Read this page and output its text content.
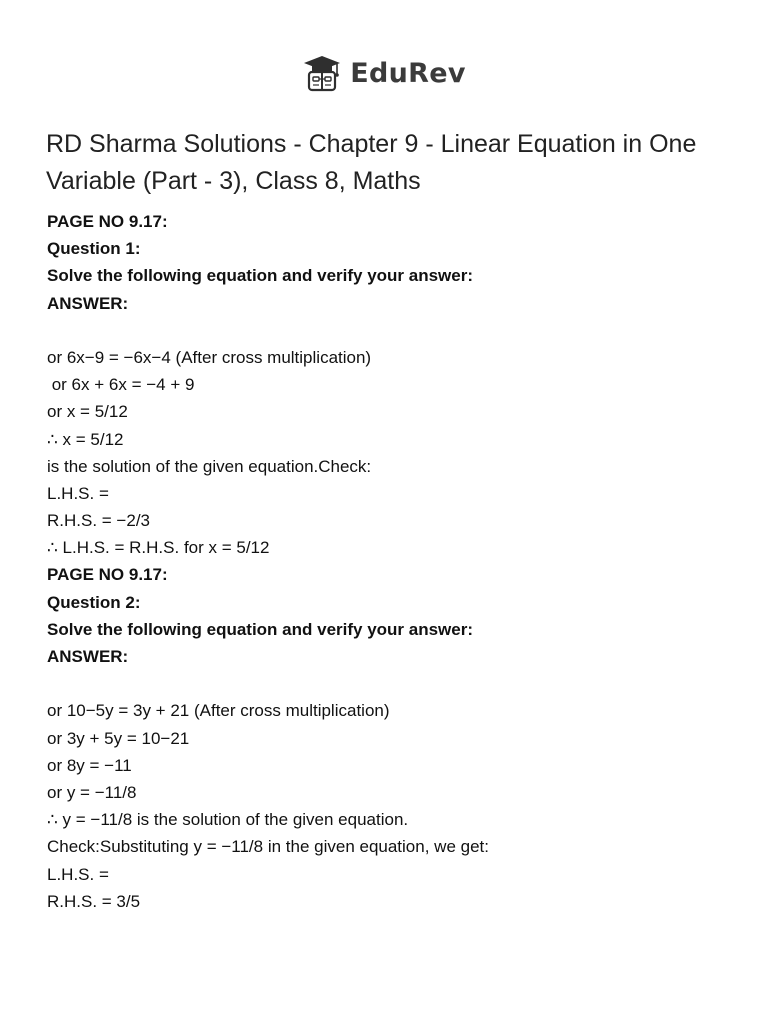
EduRev
RD Sharma Solutions - Chapter 9 - Linear Equation in One Variable (Part - 3), Class 8, Maths
PAGE NO 9.17:
Question 1:
Solve the following equation and verify your answer:
ANSWER:
or 6x−9 = −6x−4 (After cross multiplication)
or 6x + 6x = −4 + 9
or x = 5/12
∴ x = 5/12
is the solution of the given equation.Check:
L.H.S. =
R.H.S. = −2/3
∴ L.H.S. = R.H.S. for x = 5/12
PAGE NO 9.17:
Question 2:
Solve the following equation and verify your answer:
ANSWER:
or 10−5y = 3y + 21 (After cross multiplication)
or 3y + 5y = 10−21
or 8y = −11
or y = −11/8
∴ y = −11/8 is the solution of the given equation.
Check:Substituting y = −11/8 in the given equation, we get:
L.H.S. =
R.H.S. = 3/5
